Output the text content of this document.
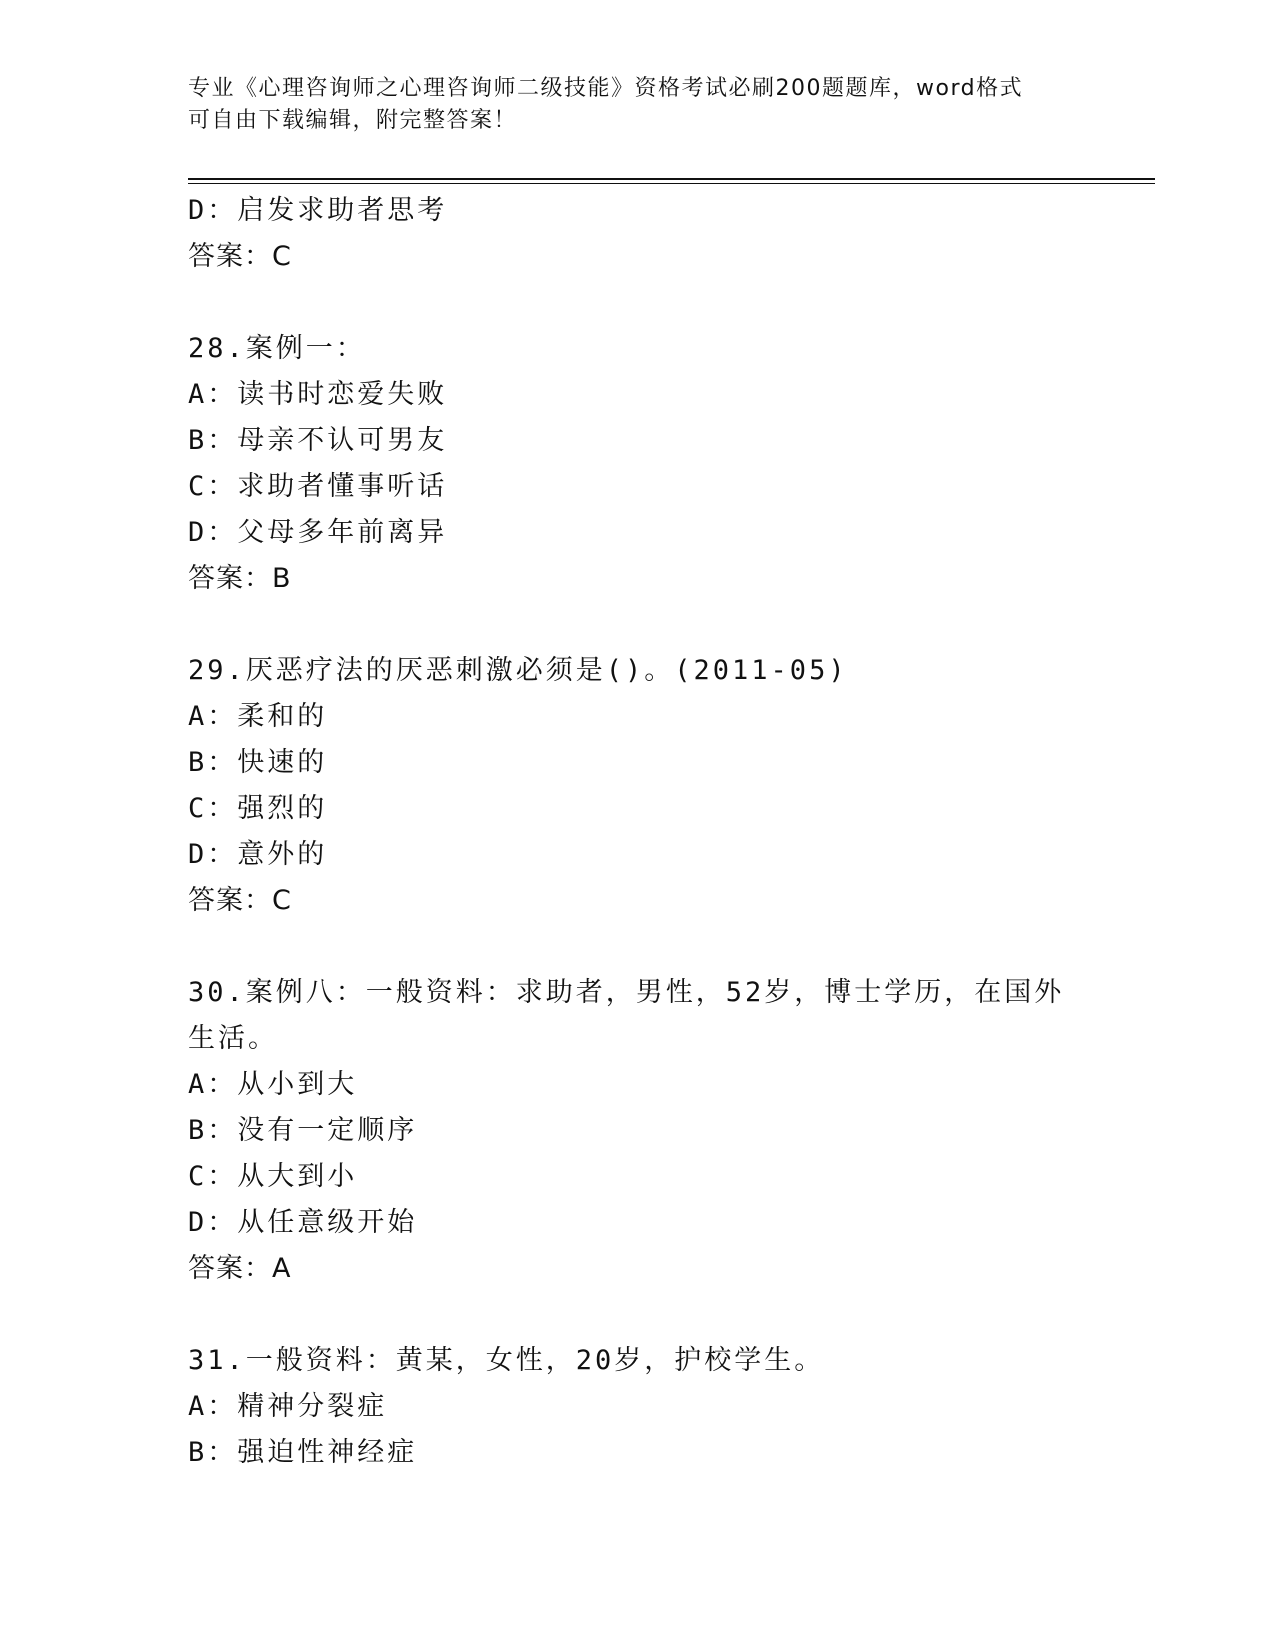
专业《心理咨询师之心理咨询师二级技能》资格考试必刷200题题库，word格式
可自由下载编辑，附完整答案！
D：启发求助者思考
答案：C
28.案例一：
A：读书时恋爱失败
B：母亲不认可男友
C：求助者懂事听话
D：父母多年前离异
答案：B
29.厌恶疗法的厌恶刺激必须是()。(2011-05)
A：柔和的
B：快速的
C：强烈的
D：意外的
答案：C
30.案例八：一般资料：求助者，男性，52岁，博士学历，在国外生活。
A：从小到大
B：没有一定顺序
C：从大到小
D：从任意级开始
答案：A
31.一般资料：黄某，女性，20岁，护校学生。
A：精神分裂症
B：强迫性神经症
